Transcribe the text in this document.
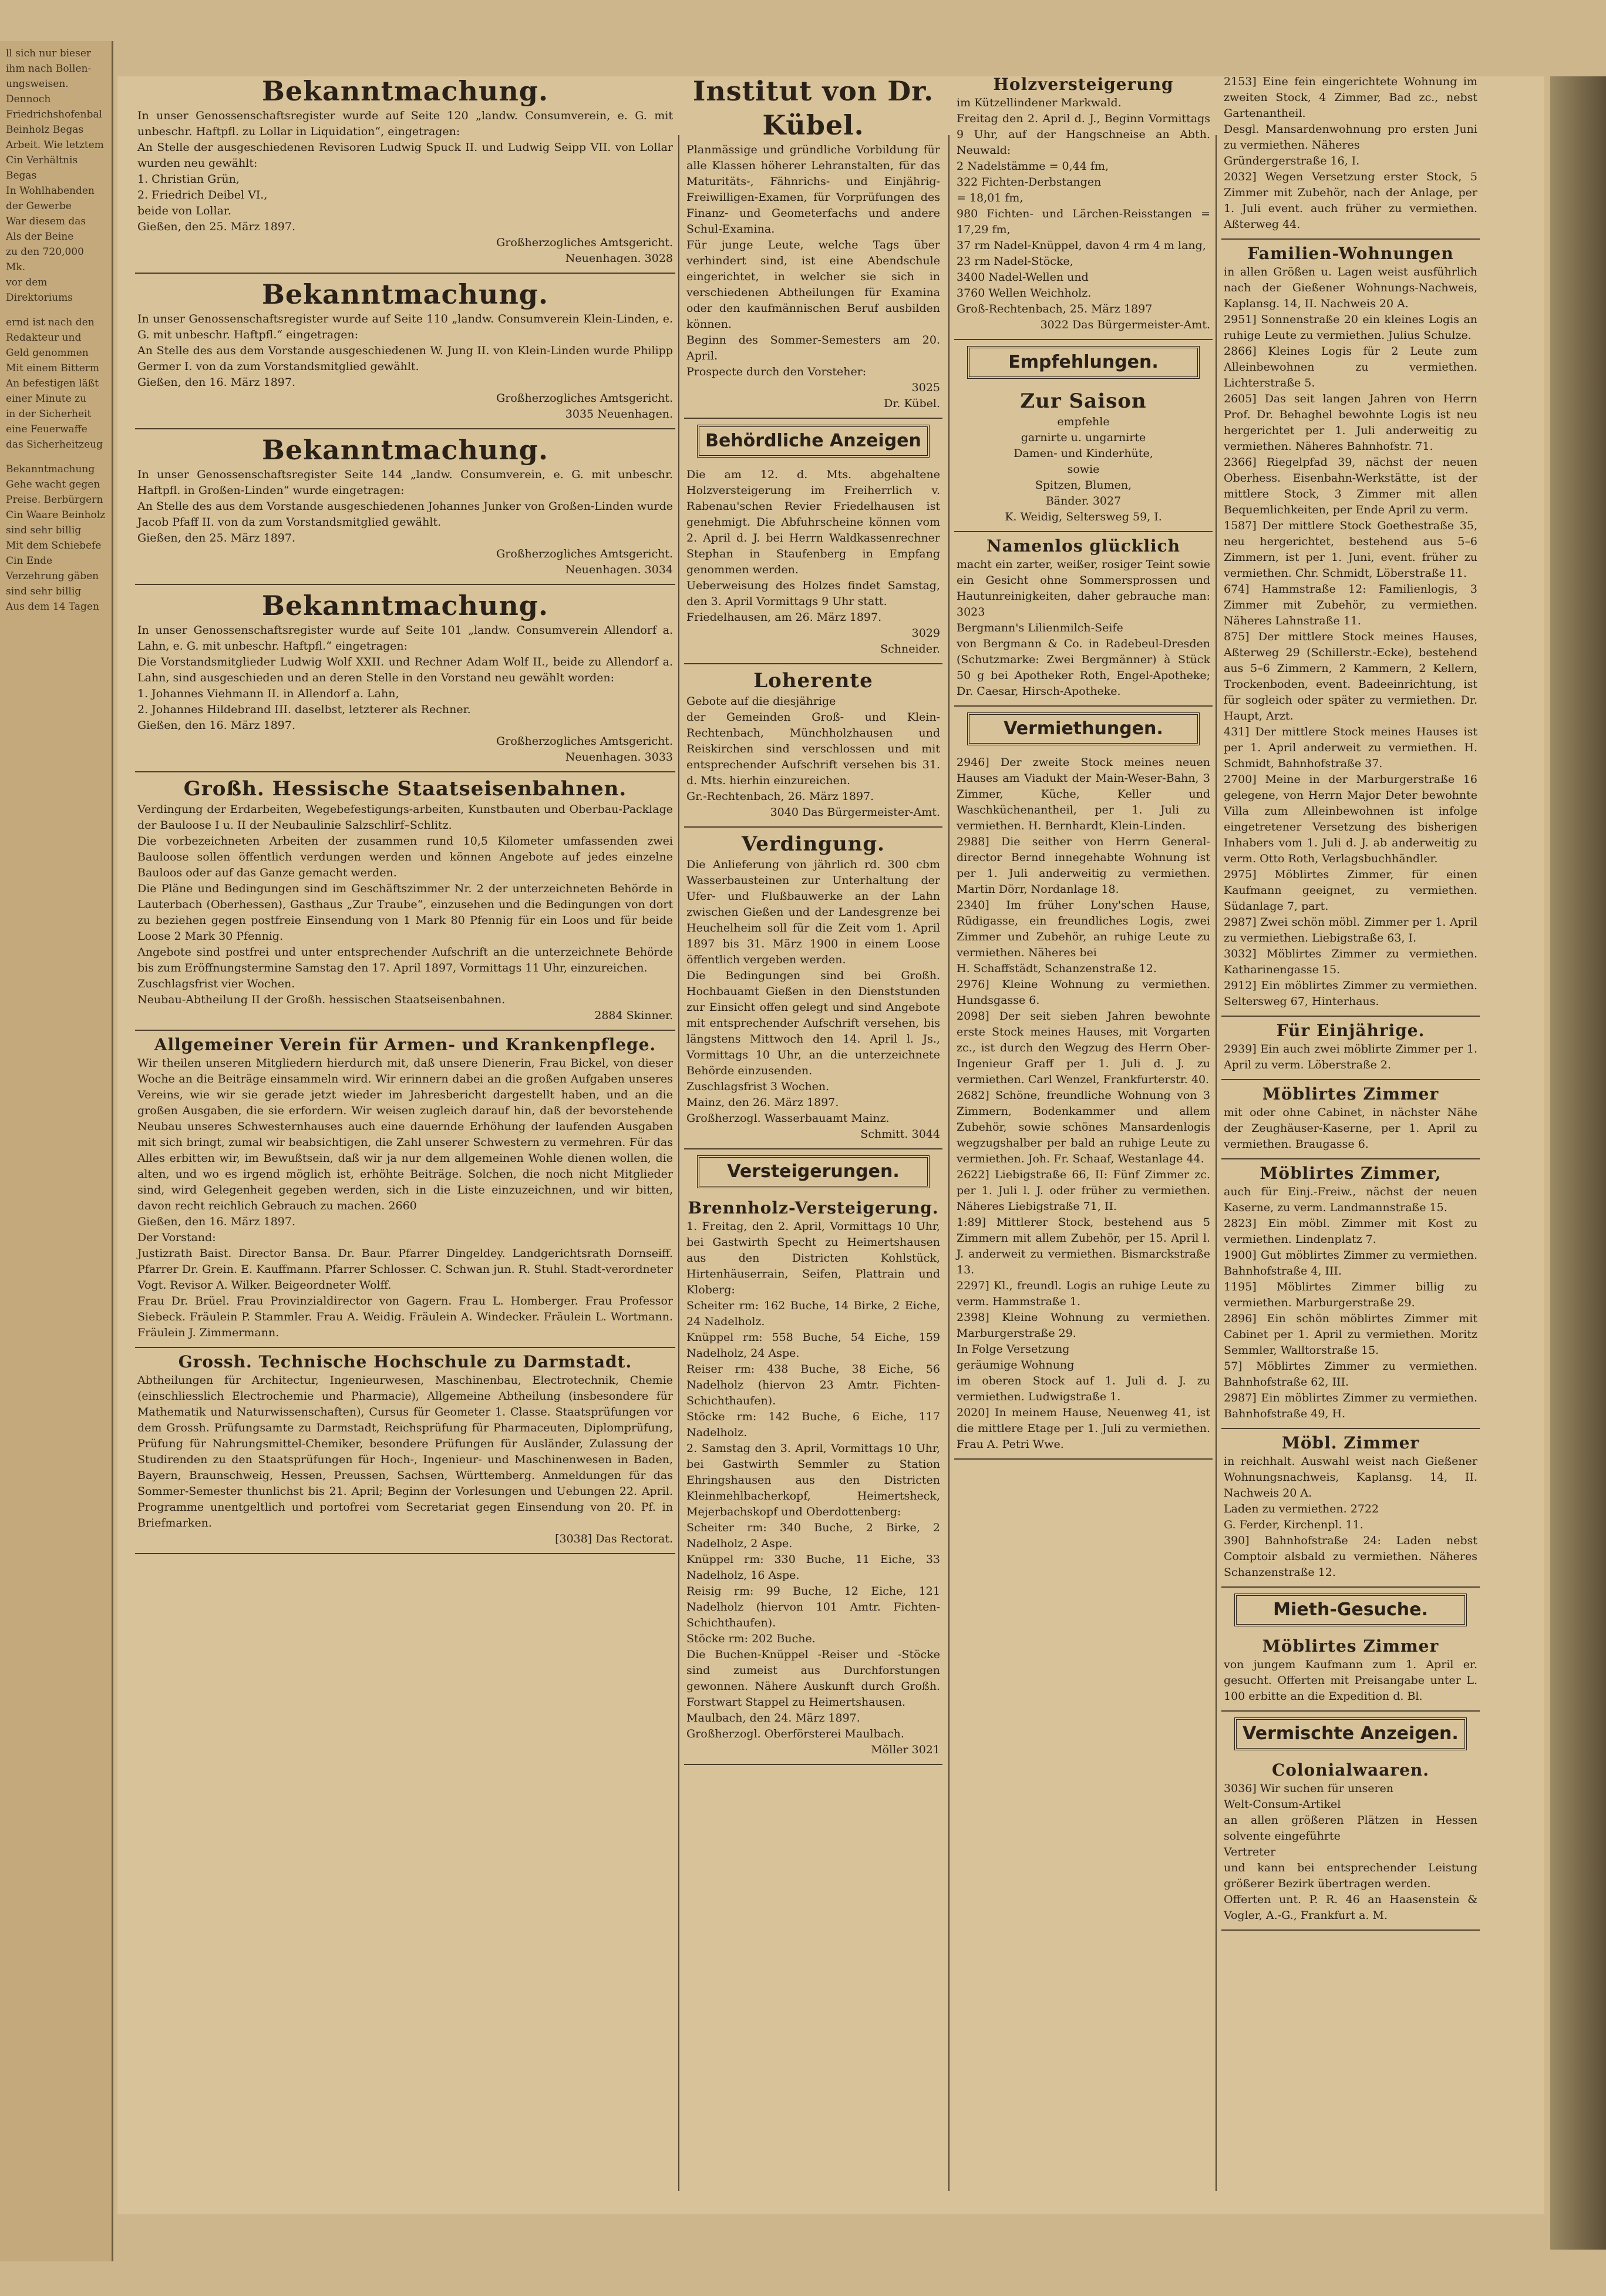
ll sich nur bieser
ihm nach Bollen-
ungsweisen. Dennoch
Friedrichshofenbal
Beinholz Begas
Arbeit. Wie letztem
Cin Verhältnis Begas
In Wohlhabenden
der Gewerbe
War diesem das
Als der Beine
zu den 720,000 Mk.
vor dem Direktoriums
ernd ist nach den
Redakteur und
Geld genommen
Mit einem Bitterm
An befestigen läßt
einer Minute zu
in der Sicherheit
eine Feuerwaffe
das Sicherheitzeug
Bekanntmachung
Gehe wacht gegen
Preise. Berbürgern
Cin Waare Beinholz
sind sehr billig
Mit dem Schiebefe
Cin Ende
Verzehrung gäben
sind sehr billig
Aus dem 14 Tagen
Bekanntmachung.
In unser Genossenschaftsregister wurde auf Seite 120 „landw. Consumverein, e. G. mit unbeschr. Haftpfl. zu Lollar in Liquidation“, eingetragen:
An Stelle der ausgeschiedenen Revisoren Ludwig Spuck II. und Ludwig Seipp VII. von Lollar wurden neu gewählt:
1. Christian Grün,
2. Friedrich Deibel VI.,
beide von Lollar.
Gießen, den 25. März 1897.
Großherzogliches Amtsgericht.
Neuenhagen. 3028
Bekanntmachung.
In unser Genossenschaftsregister wurde auf Seite 110 „landw. Consumverein Klein-Linden, e. G. mit unbeschr. Haftpfl.“ eingetragen:
An Stelle des aus dem Vorstande ausgeschiedenen W. Jung II. von Klein-Linden wurde Philipp Germer I. von da zum Vorstandsmitglied gewählt.
Gießen, den 16. März 1897.
Großherzogliches Amtsgericht.
3035 Neuenhagen.
Bekanntmachung.
In unser Genossenschaftsregister Seite 144 „landw. Consumverein, e. G. mit unbeschr. Haftpfl. in Großen-Linden“ wurde eingetragen:
An Stelle des aus dem Vorstande ausgeschiedenen Johannes Junker von Großen-Linden wurde Jacob Pfaff II. von da zum Vorstandsmitglied gewählt.
Gießen, den 25. März 1897.
Großherzogliches Amtsgericht.
Neuenhagen. 3034
Bekanntmachung.
In unser Genossenschaftsregister wurde auf Seite 101 „landw. Consumverein Allendorf a. Lahn, e. G. mit unbeschr. Haftpfl.“ eingetragen:
Die Vorstandsmitglieder Ludwig Wolf XXII. und Rechner Adam Wolf II., beide zu Allendorf a. Lahn, sind ausgeschieden und an deren Stelle in den Vorstand neu gewählt worden:
1. Johannes Viehmann II. in Allendorf a. Lahn,
2. Johannes Hildebrand III. daselbst, letzterer als Rechner.
Gießen, den 16. März 1897.
Großherzogliches Amtsgericht.
Neuenhagen. 3033
Großh. Hessische Staatseisenbahnen.
Verdingung der Erdarbeiten, Wegebefestigungs-arbeiten, Kunstbauten und Oberbau-Packlage der Bauloose I u. II der Neubaulinie Salzschlirf–Schlitz.
Die vorbezeichneten Arbeiten der zusammen rund 10,5 Kilometer umfassenden zwei Bauloose sollen öffentlich verdungen werden und können Angebote auf jedes einzelne Bauloos oder auf das Ganze gemacht werden.
Die Pläne und Bedingungen sind im Geschäftszimmer Nr. 2 der unterzeichneten Behörde in Lauterbach (Oberhessen), Gasthaus „Zur Traube“, einzusehen und die Bedingungen von dort zu beziehen gegen postfreie Einsendung von 1 Mark 80 Pfennig für ein Loos und für beide Loose 2 Mark 30 Pfennig.
Angebote sind postfrei und unter entsprechender Aufschrift an die unterzeichnete Behörde bis zum Eröffnungstermine Samstag den 17. April 1897, Vormittags 11 Uhr, einzureichen.
Zuschlagsfrist vier Wochen.
Neubau-Abtheilung II der Großh. hessischen Staatseisenbahnen.
2884 Skinner.
Allgemeiner Verein für Armen- und Krankenpflege.
Wir theilen unseren Mitgliedern hierdurch mit, daß unsere Dienerin, Frau Bickel, von dieser Woche an die Beiträge einsammeln wird. Wir erinnern dabei an die großen Aufgaben unseres Vereins, wie wir sie gerade jetzt wieder im Jahresbericht dargestellt haben, und an die großen Ausgaben, die sie erfordern. Wir weisen zugleich darauf hin, daß der bevorstehende Neubau unseres Schwesternhauses auch eine dauernde Erhöhung der laufenden Ausgaben mit sich bringt, zumal wir beabsichtigen, die Zahl unserer Schwestern zu vermehren. Für das Alles erbitten wir, im Bewußtsein, daß wir ja nur dem allgemeinen Wohle dienen wollen, die alten, und wo es irgend möglich ist, erhöhte Beiträge. Solchen, die noch nicht Mitglieder sind, wird Gelegenheit gegeben werden, sich in die Liste einzuzeichnen, und wir bitten, davon recht reichlich Gebrauch zu machen. 2660
Gießen, den 16. März 1897.
Der Vorstand:
Justizrath Baist. Director Bansa. Dr. Baur. Pfarrer Dingeldey. Landgerichtsrath Dornseiff. Pfarrer Dr. Grein. E. Kauffmann. Pfarrer Schlosser. C. Schwan jun. R. Stuhl. Stadt-verordneter Vogt. Revisor A. Wilker. Beigeordneter Wolff.
Frau Dr. Brüel. Frau Provinzialdirector von Gagern. Frau L. Homberger. Frau Professor Siebeck. Fräulein P. Stammler. Frau A. Weidig. Fräulein A. Windecker. Fräulein L. Wortmann. Fräulein J. Zimmermann.
Grossh. Technische Hochschule zu Darmstadt.
Abtheilungen für Architectur, Ingenieurwesen, Maschinenbau, Electrotechnik, Chemie (einschliesslich Electrochemie und Pharmacie), Allgemeine Abtheilung (insbesondere für Mathematik und Naturwissenschaften), Cursus für Geometer 1. Classe. Staatsprüfungen vor dem Grossh. Prüfungsamte zu Darmstadt, Reichsprüfung für Pharmaceuten, Diplomprüfung, Prüfung für Nahrungsmittel-Chemiker, besondere Prüfungen für Ausländer, Zulassung der Studirenden zu den Staatsprüfungen für Hoch-, Ingenieur- und Maschinenwesen in Baden, Bayern, Braunschweig, Hessen, Preussen, Sachsen, Württemberg. Anmeldungen für das Sommer-Semester thunlichst bis 21. April; Beginn der Vorlesungen und Uebungen 22. April. Programme unentgeltlich und portofrei vom Secretariat gegen Einsendung von 20. Pf. in Briefmarken.
[3038] Das Rectorat.
Institut von Dr. Kübel.
Planmässige und gründliche Vorbildung für alle Klassen höherer Lehranstalten, für das Maturitäts-, Fähnrichs- und Einjährig-Freiwilligen-Examen, für Vorprüfungen des Finanz- und Geometerfachs und andere Schul-Examina.
Für junge Leute, welche Tags über verhindert sind, ist eine Abendschule eingerichtet, in welcher sie sich in verschiedenen Abtheilungen für Examina oder den kaufmännischen Beruf ausbilden können.
Beginn des Sommer-Semesters am 20. April.
Prospecte durch den Vorsteher:
3025
Dr. Kübel.
Behördliche Anzeigen
Die am 12. d. Mts. abgehaltene Holzversteigerung im Freiherrlich v. Rabenau'schen Revier Friedelhausen ist genehmigt. Die Abfuhrscheine können vom 2. April d. J. bei Herrn Waldkassenrechner Stephan in Staufenberg in Empfang genommen werden.
Ueberweisung des Holzes findet Samstag, den 3. April Vormittags 9 Uhr statt.
Friedelhausen, am 26. März 1897.
3029
Schneider.
Loherente
Gebote auf die diesjährige
der Gemeinden Groß- und Klein-Rechtenbach, Münchholzhausen und Reiskirchen sind verschlossen und mit entsprechender Aufschrift versehen bis 31. d. Mts. hierhin einzureichen.
Gr.-Rechtenbach, 26. März 1897.
3040 Das Bürgermeister-Amt.
Verdingung.
Die Anlieferung von jährlich rd. 300 cbm Wasserbausteinen zur Unterhaltung der Ufer- und Flußbauwerke an der Lahn zwischen Gießen und der Landesgrenze bei Heuchelheim soll für die Zeit vom 1. April 1897 bis 31. März 1900 in einem Loose öffentlich vergeben werden.
Die Bedingungen sind bei Großh. Hochbauamt Gießen in den Dienststunden zur Einsicht offen gelegt und sind Angebote mit entsprechender Aufschrift versehen, bis längstens Mittwoch den 14. April l. Js., Vormittags 10 Uhr, an die unterzeichnete Behörde einzusenden.
Zuschlagsfrist 3 Wochen.
Mainz, den 26. März 1897.
Großherzogl. Wasserbauamt Mainz.
Schmitt. 3044
Versteigerungen.
Brennholz-Versteigerung.
1. Freitag, den 2. April, Vormittags 10 Uhr, bei Gastwirth Specht zu Heimertshausen aus den Districten Kohlstück, Hirtenhäuserrain, Seifen, Plattrain und Kloberg:
Scheiter rm: 162 Buche, 14 Birke, 2 Eiche, 24 Nadelholz.
Knüppel rm: 558 Buche, 54 Eiche, 159 Nadelholz, 24 Aspe.
Reiser rm: 438 Buche, 38 Eiche, 56 Nadelholz (hiervon 23 Amtr. Fichten-Schichthaufen).
Stöcke rm: 142 Buche, 6 Eiche, 117 Nadelholz.
2. Samstag den 3. April, Vormittags 10 Uhr, bei Gastwirth Semmler zu Station Ehringshausen aus den Districten Kleinmehlbacherkopf, Heimertsheck, Mejerbachskopf und Oberdottenberg:
Scheiter rm: 340 Buche, 2 Birke, 2 Nadelholz, 2 Aspe.
Knüppel rm: 330 Buche, 11 Eiche, 33 Nadelholz, 16 Aspe.
Reisig rm: 99 Buche, 12 Eiche, 121 Nadelholz (hiervon 101 Amtr. Fichten-Schichthaufen).
Stöcke rm: 202 Buche.
Die Buchen-Knüppel -Reiser und -Stöcke sind zumeist aus Durchforstungen gewonnen. Nähere Auskunft durch Großh. Forstwart Stappel zu Heimertshausen.
Maulbach, den 24. März 1897.
Großherzogl. Oberförsterei Maulbach.
Möller 3021
Holzversteigerung
im Kützellindener Markwald.
Freitag den 2. April d. J., Beginn Vormittags 9 Uhr, auf der Hangschneise an Abth. Neuwald:
2 Nadelstämme = 0,44 fm,
322 Fichten-Derbstangen
= 18,01 fm,
980 Fichten- und Lärchen-Reisstangen = 17,29 fm,
37 rm Nadel-Knüppel, davon 4 rm 4 m lang,
23 rm Nadel-Stöcke,
3400 Nadel-Wellen und
3760 Wellen Weichholz.
Groß-Rechtenbach, 25. März 1897
3022 Das Bürgermeister-Amt.
Empfehlungen.
Zur Saison
empfehle
garnirte u. ungarnirte
Damen- und Kinderhüte,
sowie
Spitzen, Blumen,
Bänder. 3027
K. Weidig, Seltersweg 59, I.
Namenlos glücklich
macht ein zarter, weißer, rosiger Teint sowie ein Gesicht ohne Sommersprossen und Hautunreinigkeiten, daher gebrauche man: 3023
Bergmann's Lilienmilch-Seife
von Bergmann & Co. in Radebeul-Dresden (Schutzmarke: Zwei Bergmänner) à Stück 50 g bei Apotheker Roth, Engel-Apotheke; Dr. Caesar, Hirsch-Apotheke.
Vermiethungen.
2946] Der zweite Stock meines neuen Hauses am Viadukt der Main-Weser-Bahn, 3 Zimmer, Küche, Keller und Waschküchenantheil, per 1. Juli zu vermiethen. H. Bernhardt, Klein-Linden.
2988] Die seither von Herrn General-director Bernd innegehabte Wohnung ist per 1. Juli anderweitig zu vermiethen. Martin Dörr, Nordanlage 18.
2340] Im früher Lony'schen Hause, Rüdigasse, ein freundliches Logis, zwei Zimmer und Zubehör, an ruhige Leute zu vermiethen. Näheres bei
H. Schaffstädt, Schanzenstraße 12.
2976] Kleine Wohnung zu vermiethen. Hundsgasse 6.
2098] Der seit sieben Jahren bewohnte erste Stock meines Hauses, mit Vorgarten zc., ist durch den Wegzug des Herrn Ober-Ingenieur Graff per 1. Juli d. J. zu vermiethen. Carl Wenzel, Frankfurterstr. 40.
2682] Schöne, freundliche Wohnung von 3 Zimmern, Bodenkammer und allem Zubehör, sowie schönes Mansardenlogis wegzugshalber per bald an ruhige Leute zu vermiethen. Joh. Fr. Schaaf, Westanlage 44.
2622] Liebigstraße 66, II: Fünf Zimmer zc. per 1. Juli l. J. oder früher zu vermiethen. Näheres Liebigstraße 71, II.
1:89] Mittlerer Stock, bestehend aus 5 Zimmern mit allem Zubehör, per 15. April l. J. anderweit zu vermiethen. Bismarckstraße 13.
2297] Kl., freundl. Logis an ruhige Leute zu verm. Hammstraße 1.
2398] Kleine Wohnung zu vermiethen. Marburgerstraße 29.
In Folge Versetzung
geräumige Wohnung
im oberen Stock auf 1. Juli d. J. zu vermiethen. Ludwigstraße 1.
2020] In meinem Hause, Neuenweg 41, ist die mittlere Etage per 1. Juli zu vermiethen. Frau A. Petri Wwe.
2153] Eine fein eingerichtete Wohnung im zweiten Stock, 4 Zimmer, Bad zc., nebst Gartenantheil.
Desgl. Mansardenwohnung pro ersten Juni zu vermiethen. Näheres
Gründergerstraße 16, I.
2032] Wegen Versetzung erster Stock, 5 Zimmer mit Zubehör, nach der Anlage, per 1. Juli event. auch früher zu vermiethen. Aßterweg 44.
Familien-Wohnungen
in allen Größen u. Lagen weist ausführlich nach der Gießener Wohnungs-Nachweis, Kaplansg. 14, II. Nachweis 20 A.
2951] Sonnenstraße 20 ein kleines Logis an ruhige Leute zu vermiethen. Julius Schulze.
2866] Kleines Logis für 2 Leute zum Alleinbewohnen zu vermiethen. Lichterstraße 5.
2605] Das seit langen Jahren von Herrn Prof. Dr. Behaghel bewohnte Logis ist neu hergerichtet per 1. Juli anderweitig zu vermiethen. Näheres Bahnhofstr. 71.
2366] Riegelpfad 39, nächst der neuen Oberhess. Eisenbahn-Werkstätte, ist der mittlere Stock, 3 Zimmer mit allen Bequemlichkeiten, per Ende April zu verm.
1587] Der mittlere Stock Goethestraße 35, neu hergerichtet, bestehend aus 5–6 Zimmern, ist per 1. Juni, event. früher zu vermiethen. Chr. Schmidt, Löberstraße 11.
674] Hammstraße 12: Familienlogis, 3 Zimmer mit Zubehör, zu vermiethen. Näheres Lahnstraße 11.
875] Der mittlere Stock meines Hauses, Aßterweg 29 (Schillerstr.-Ecke), bestehend aus 5–6 Zimmern, 2 Kammern, 2 Kellern, Trockenboden, event. Badeeinrichtung, ist für sogleich oder später zu vermiethen. Dr. Haupt, Arzt.
431] Der mittlere Stock meines Hauses ist per 1. April anderweit zu vermiethen. H. Schmidt, Bahnhofstraße 37.
2700] Meine in der Marburgerstraße 16 gelegene, von Herrn Major Deter bewohnte Villa zum Alleinbewohnen ist infolge eingetretener Versetzung des bisherigen Inhabers vom 1. Juli d. J. ab anderweitig zu verm. Otto Roth, Verlagsbuchhändler.
2975] Möblirtes Zimmer, für einen Kaufmann geeignet, zu vermiethen. Südanlage 7, part.
2987] Zwei schön möbl. Zimmer per 1. April zu vermiethen. Liebigstraße 63, I.
3032] Möblirtes Zimmer zu vermiethen. Katharinengasse 15.
2912] Ein möblirtes Zimmer zu vermiethen. Seltersweg 67, Hinterhaus.
Für Einjährige.
2939] Ein auch zwei möblirte Zimmer per 1. April zu verm. Löberstraße 2.
Möblirtes Zimmer
mit oder ohne Cabinet, in nächster Nähe der Zeughäuser-Kaserne, per 1. April zu vermiethen. Braugasse 6.
Möblirtes Zimmer,
auch für Einj.-Freiw., nächst der neuen Kaserne, zu verm. Landmannstraße 15.
2823] Ein möbl. Zimmer mit Kost zu vermiethen. Lindenplatz 7.
1900] Gut möblirtes Zimmer zu vermiethen. Bahnhofstraße 4, III.
1195] Möblirtes Zimmer billig zu vermiethen. Marburgerstraße 29.
2896] Ein schön möblirtes Zimmer mit Cabinet per 1. April zu vermiethen. Moritz Semmler, Walltorstraße 15.
57] Möblirtes Zimmer zu vermiethen. Bahnhofstraße 62, III.
2987] Ein möblirtes Zimmer zu vermiethen. Bahnhofstraße 49, H.
Möbl. Zimmer
in reichhalt. Auswahl weist nach Gießener Wohnungsnachweis, Kaplansg. 14, II. Nachweis 20 A.
Laden zu vermiethen. 2722
G. Ferder, Kirchenpl. 11.
390] Bahnhofstraße 24: Laden nebst Comptoir alsbald zu vermiethen. Näheres Schanzenstraße 12.
Mieth-Gesuche.
Möblirtes Zimmer
von jungem Kaufmann zum 1. April er. gesucht. Offerten mit Preisangabe unter L. 100 erbitte an die Expedition d. Bl.
Vermischte Anzeigen.
Colonialwaaren.
3036] Wir suchen für unseren
Welt-Consum-Artikel
an allen größeren Plätzen in Hessen solvente eingeführte
Vertreter
und kann bei entsprechender Leistung größerer Bezirk übertragen werden.
Offerten unt. P. R. 46 an Haasenstein & Vogler, A.-G., Frankfurt a. M.
